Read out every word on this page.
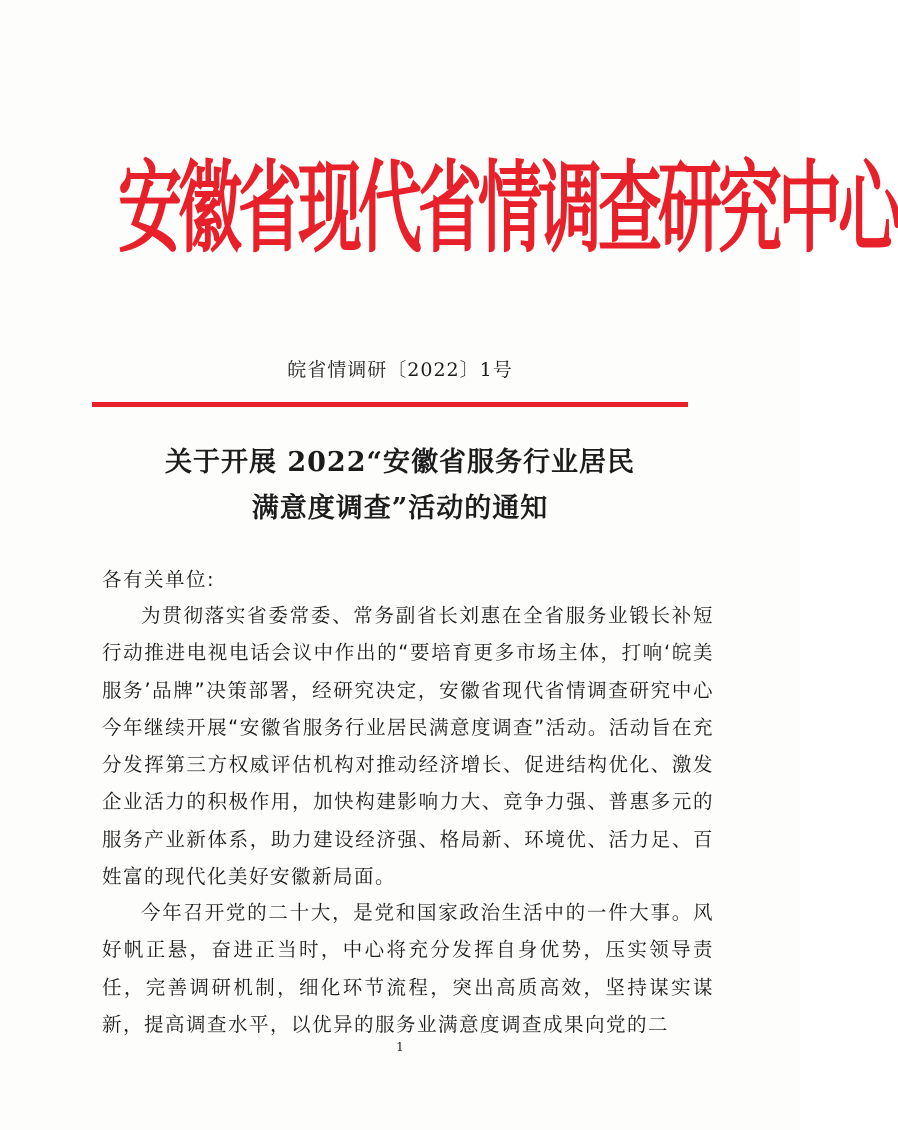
安徽省现代省情调查研究中心
皖省情调研〔2022〕1号
关于开展 2022“安徽省服务行业居民
满意度调查”活动的通知
各有关单位:

为贯彻落实省委常委、常务副省长刘惠在全省服务业锻长补短行动推进电视电话会议中作出的“要培育更多市场主体，打响‘皖美服务’品牌”决策部署，经研究决定，安徽省现代省情调查研究中心今年继续开展“安徽省服务行业居民满意度调查”活动。活动旨在充分发挥第三方权威评估机构对推动经济增长、促进结构优化、激发企业活力的积极作用，加快构建影响力大、竞争力强、普惠多元的服务产业新体系，助力建设经济强、格局新、环境优、活力足、百姓富的现代化美好安徽新局面。

今年召开党的二十大，是党和国家政治生活中的一件大事。风好帆正悬，奋进正当时，中心将充分发挥自身优势，压实领导责任，完善调研机制，细化环节流程，突出高质高效，坚持谋实谋新，提高调查水平，以优异的服务业满意度调查成果向党的二

1
